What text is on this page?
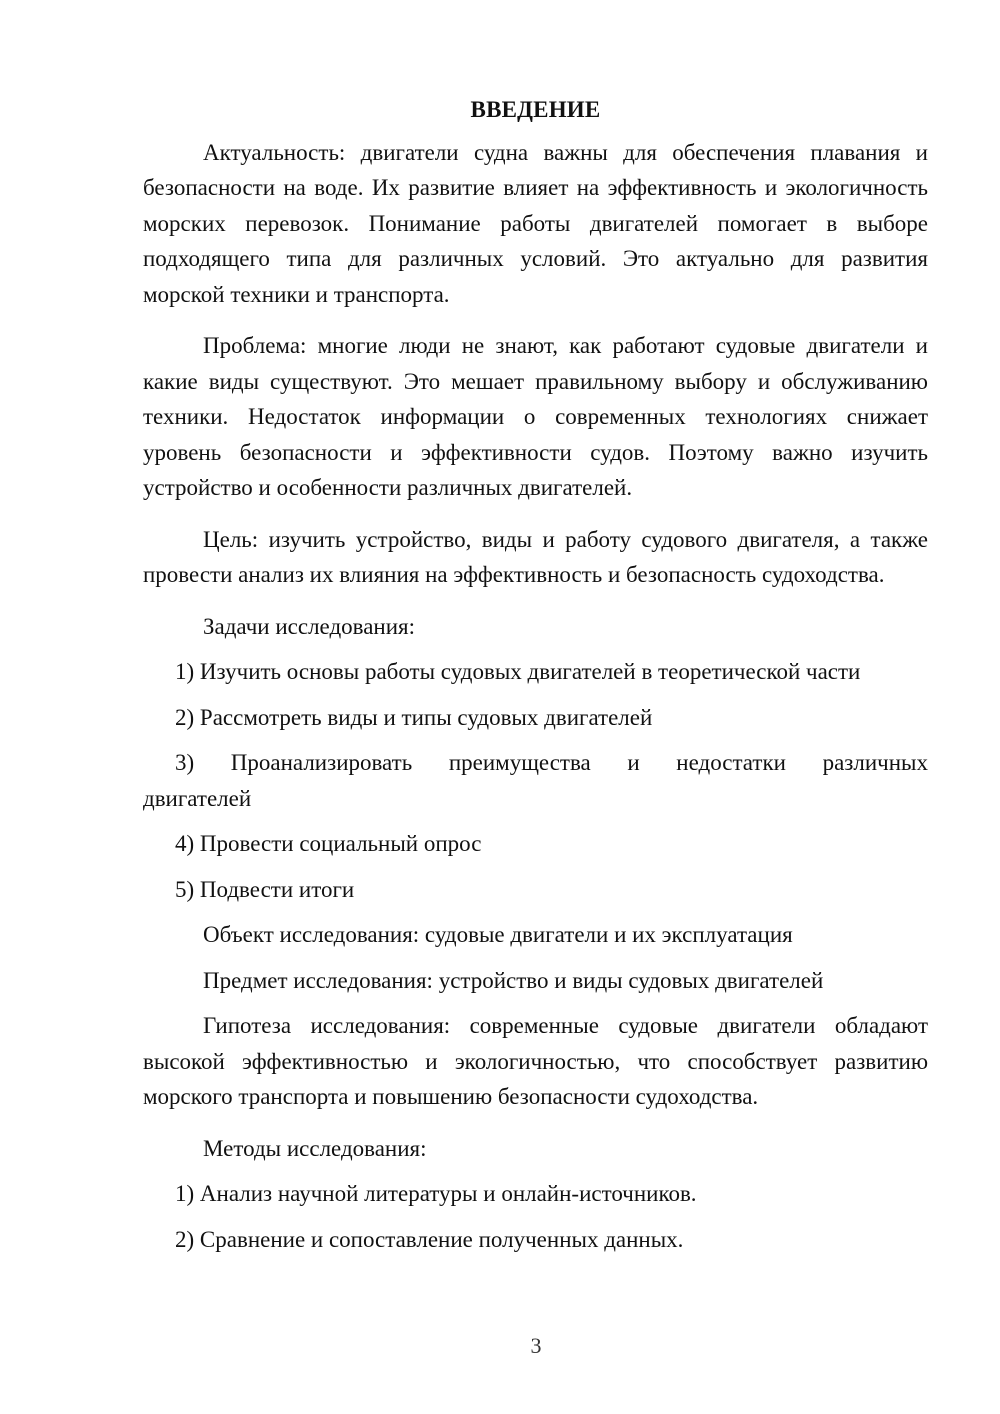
ВВЕДЕНИЕ

Актуальность: двигатели судна важны для обеспечения плавания и безопасности на воде. Их развитие влияет на эффективность и экологичность морских перевозок. Понимание работы двигателей помогает в выборе подходящего типа для различных условий. Это актуально для развития морской техники и транспорта.

Проблема: многие люди не знают, как работают судовые двигатели и какие виды существуют. Это мешает правильному выбору и обслуживанию техники. Недостаток информации о современных технологиях снижает уровень безопасности и эффективности судов. Поэтому важно изучить устройство и особенности различных двигателей.

Цель: изучить устройство, виды и работу судового двигателя, а также провести анализ их влияния на эффективность и безопасность судоходства.

Задачи исследования:

1) Изучить основы работы судовых двигателей в теоретической части

2) Рассмотреть виды и типы судовых двигателей

3) Проанализировать преимущества и недостатки различных двигателей

4) Провести социальный опрос

5) Подвести итоги

Объект исследования: судовые двигатели и их эксплуатация

Предмет исследования: устройство и виды судовых двигателей

Гипотеза исследования: современные судовые двигатели обладают высокой эффективностью и экологичностью, что способствует развитию морского транспорта и повышению безопасности судоходства.

Методы исследования:

1) Анализ научной литературы и онлайн-источников.

2) Сравнение и сопоставление полученных данных.

3
